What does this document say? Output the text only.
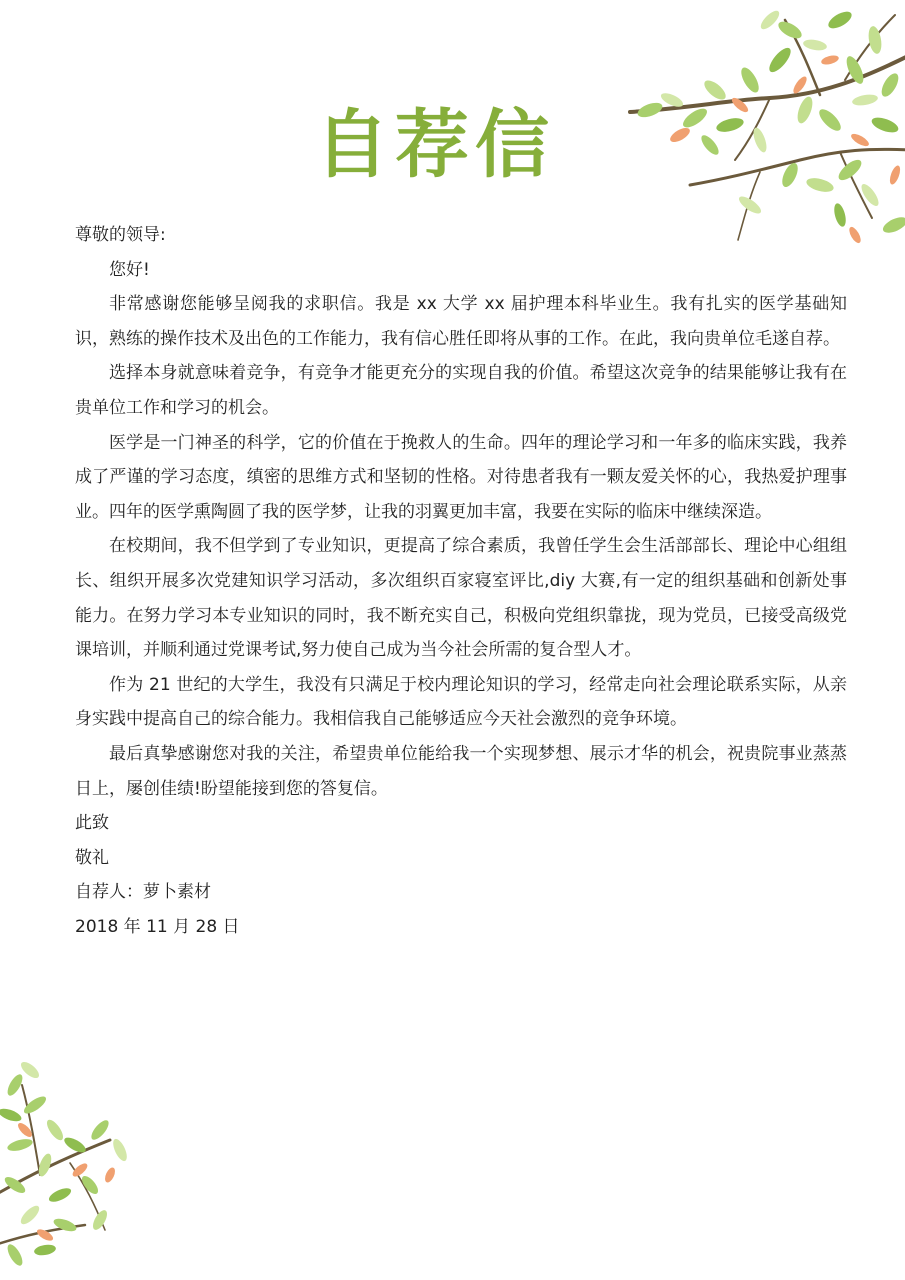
自荐信

尊敬的领导:

您好!

非常感谢您能够呈阅我的求职信。我是 xx 大学 xx 届护理本科毕业生。我有扎实的医学基础知识，熟练的操作技术及出色的工作能力，我有信心胜任即将从事的工作。在此，我向贵单位毛遂自荐。

选择本身就意味着竞争，有竞争才能更充分的实现自我的价值。希望这次竞争的结果能够让我有在贵单位工作和学习的机会。

医学是一门神圣的科学，它的价值在于挽救人的生命。四年的理论学习和一年多的临床实践，我养成了严谨的学习态度，缜密的思维方式和坚韧的性格。对待患者我有一颗友爱关怀的心，我热爱护理事业。四年的医学熏陶圆了我的医学梦，让我的羽翼更加丰富，我要在实际的临床中继续深造。

在校期间，我不但学到了专业知识，更提高了综合素质，我曾任学生会生活部部长、理论中心组组长、组织开展多次党建知识学习活动，多次组织百家寝室评比,diy 大赛,有一定的组织基础和创新处事能力。在努力学习本专业知识的同时，我不断充实自己，积极向党组织靠拢，现为党员，已接受高级党课培训，并顺利通过党课考试,努力使自己成为当今社会所需的复合型人才。

作为 21 世纪的大学生，我没有只满足于校内理论知识的学习，经常走向社会理论联系实际，从亲身实践中提高自己的综合能力。我相信我自己能够适应今天社会激烈的竞争环境。

最后真挚感谢您对我的关注，希望贵单位能给我一个实现梦想、展示才华的机会，祝贵院事业蒸蒸日上，屡创佳绩!盼望能接到您的答复信。

此致

敬礼

自荐人：萝卜素材

2018 年 11 月 28 日
